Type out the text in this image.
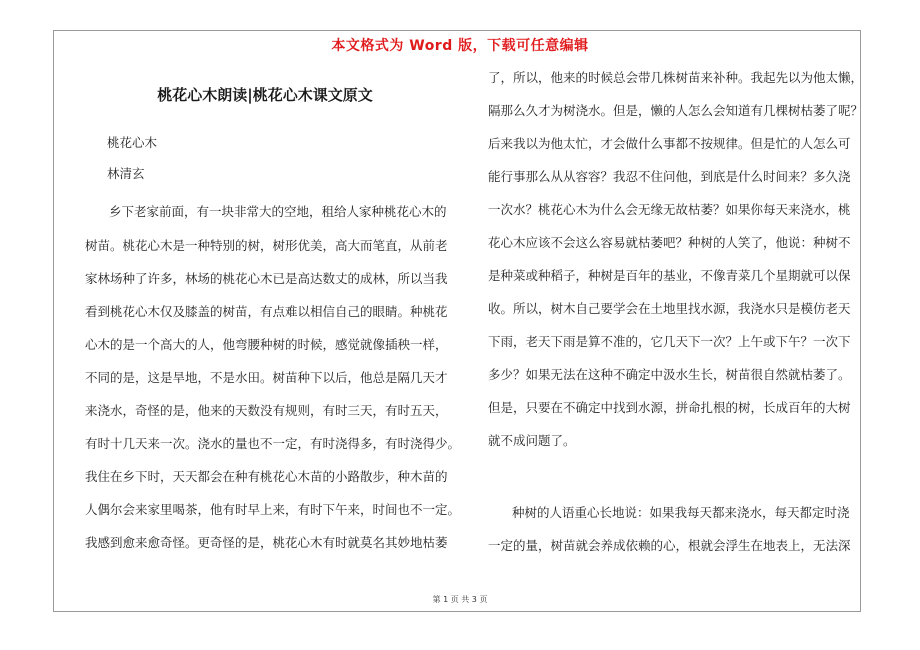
本文格式为 Word 版，下载可任意编辑
桃花心木朗读|桃花心木课文原文
桃花心木
林清玄
乡下老家前面，有一块非常大的空地，租给人家种桃花心木的
树苗。桃花心木是一种特别的树，树形优美，高大而笔直，从前老
家林场种了许多，林场的桃花心木已是高达数丈的成林，所以当我
看到桃花心木仅及膝盖的树苗，有点难以相信自己的眼睛。种桃花
心木的是一个高大的人，他弯腰种树的时候，感觉就像插秧一样，
不同的是，这是旱地，不是水田。树苗种下以后，他总是隔几天才
来浇水，奇怪的是，他来的天数没有规则，有时三天，有时五天，
有时十几天来一次。浇水的量也不一定，有时浇得多，有时浇得少。
我住在乡下时，天天都会在种有桃花心木苗的小路散步，种木苗的
人偶尔会来家里喝茶，他有时早上来，有时下午来，时间也不一定。
我感到愈来愈奇怪。更奇怪的是，桃花心木有时就莫名其妙地枯萎
了，所以，他来的时候总会带几株树苗来补种。我起先以为他太懒，
隔那么久才为树浇水。但是，懒的人怎么会知道有几棵树枯萎了呢？
后来我以为他太忙，才会做什么事都不按规律。但是忙的人怎么可
能行事那么从从容容？我忍不住问他，到底是什么时间来？多久浇
一次水？桃花心木为什么会无缘无故枯萎？如果你每天来浇水，桃
花心木应该不会这么容易就枯萎吧？种树的人笑了，他说：种树不
是种菜或种稻子，种树是百年的基业，不像青菜几个星期就可以保
收。所以，树木自己要学会在土地里找水源，我浇水只是模仿老天
下雨，老天下雨是算不准的，它几天下一次？上午或下午？一次下
多少？如果无法在这种不确定中汲水生长，树苗很自然就枯萎了。
但是，只要在不确定中找到水源，拼命扎根的树，长成百年的大树
就不成问题了。
种树的人语重心长地说：如果我每天都来浇水，每天都定时浇
一定的量，树苗就会养成依赖的心，根就会浮生在地表上，无法深
第 1 页 共 3 页
